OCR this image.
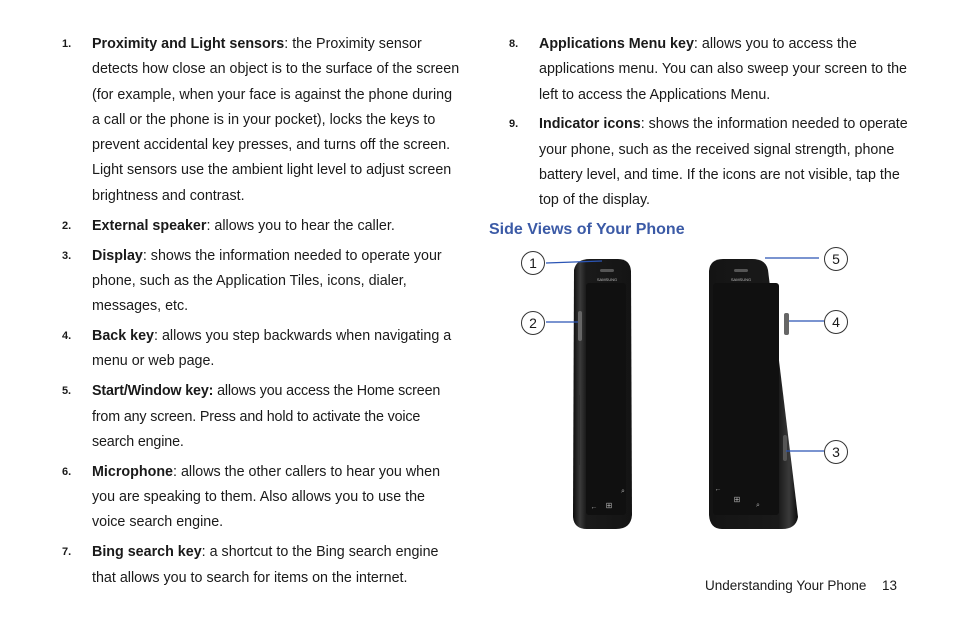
1. Proximity and Light sensors: the Proximity sensor detects how close an object is to the surface of the screen (for example, when your face is against the phone during a call or the phone is in your pocket), locks the keys to prevent accidental key presses, and turns off the screen. Light sensors use the ambient light level to adjust screen brightness and contrast.
2. External speaker: allows you to hear the caller.
3. Display: shows the information needed to operate your phone, such as the Application Tiles, icons, dialer, messages, etc.
4. Back key: allows you step backwards when navigating a menu or web page.
5. Start/Window key: allows you access the Home screen from any screen. Press and hold to activate the voice search engine.
6. Microphone: allows the other callers to hear you when you are speaking to them. Also allows you to use the voice search engine.
7. Bing search key: a shortcut to the Bing search engine that allows you to search for items on the internet.
8. Applications Menu key: allows you to access the applications menu. You can also sweep your screen to the left to access the Applications Menu.
9. Indicator icons: shows the information needed to operate your phone, such as the received signal strength, phone battery level, and time. If the icons are not visible, tap the top of the display.
Side Views of Your Phone
SAMSUNG
⊞
←
⌕
SAMSUNG
⊞
←
⌕
1
2
5
4
3
Understanding Your Phone 13
